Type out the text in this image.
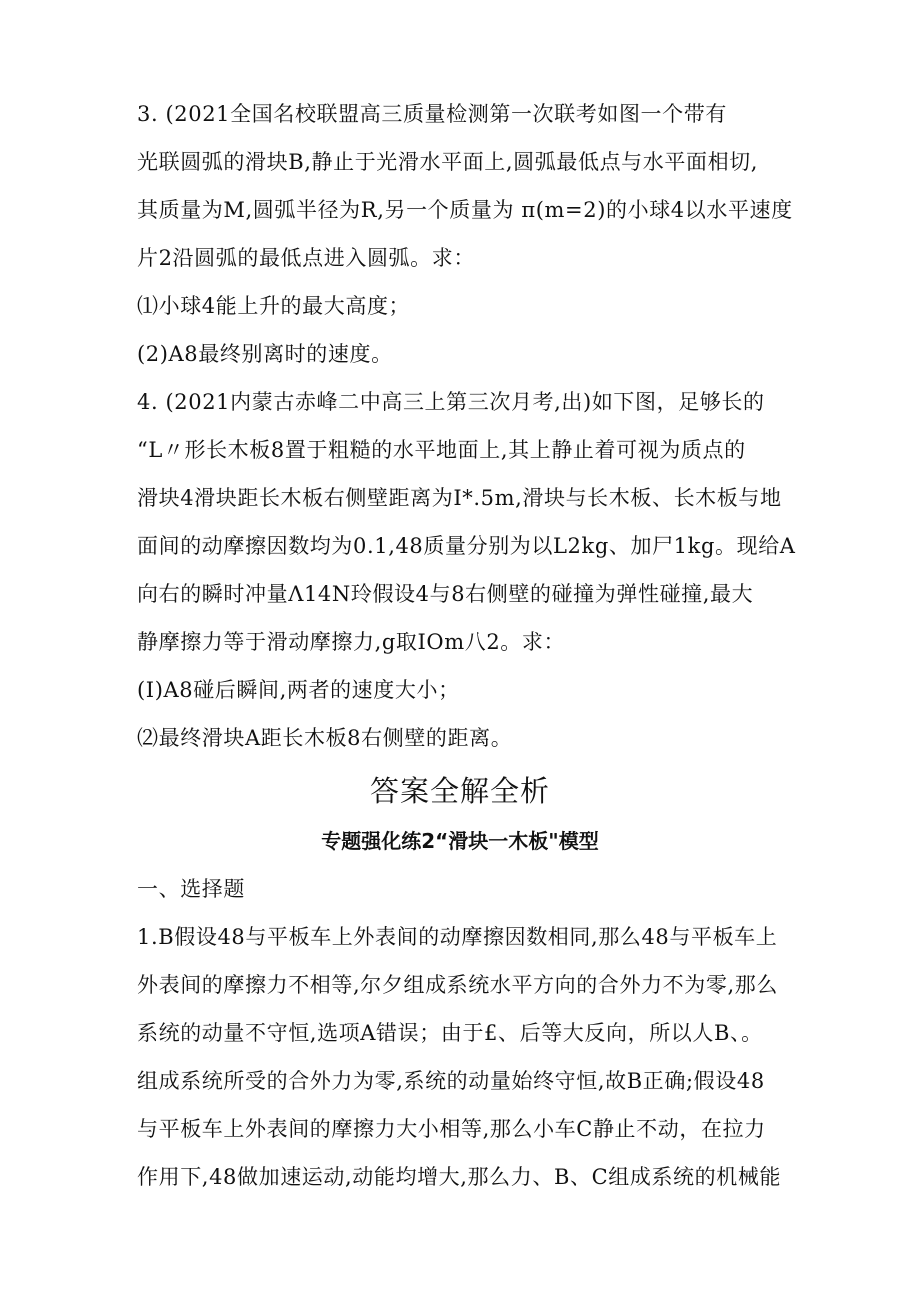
3. (2021全国名校联盟高三质量检测第一次联考如图一个带有
光联圆弧的滑块B,静止于光滑水平面上,圆弧最低点与水平面相切,
其质量为M,圆弧半径为R,另一个质量为 π(m=2)的小球4以水平速度
片2沿圆弧的最低点进入圆弧。求：
⑴小球4能上升的最大高度；
(2)A8最终别离时的速度。
4. (2021内蒙古赤峰二中高三上第三次月考,出)如下图，足够长的
“L〃形长木板8置于粗糙的水平地面上,其上静止着可视为质点的
滑块4滑块距长木板右侧壁距离为I*.5m,滑块与长木板、长木板与地
面间的动摩擦因数均为0.1,48质量分别为以L2kg、加尸1kg。现给A
向右的瞬时冲量Λ14N玲假设4与8右侧壁的碰撞为弹性碰撞,最大
静摩擦力等于滑动摩擦力,g取IOm八2。求：
(I)A8碰后瞬间,两者的速度大小；
⑵最终滑块A距长木板8右侧壁的距离。
答案全解全析
专题强化练2“滑块一木板"模型
一、选择题
1.B假设48与平板车上外表间的动摩擦因数相同,那么48与平板车上
外表间的摩擦力不相等,尔夕组成系统水平方向的合外力不为零,那么
系统的动量不守恒,选项A错误；由于£、后等大反向，所以人B、。
组成系统所受的合外力为零,系统的动量始终守恒,故B正确;假设48
与平板车上外表间的摩擦力大小相等,那么小车C静止不动，在拉力
作用下,48做加速运动,动能均增大,那么力、B、C组成系统的机械能
